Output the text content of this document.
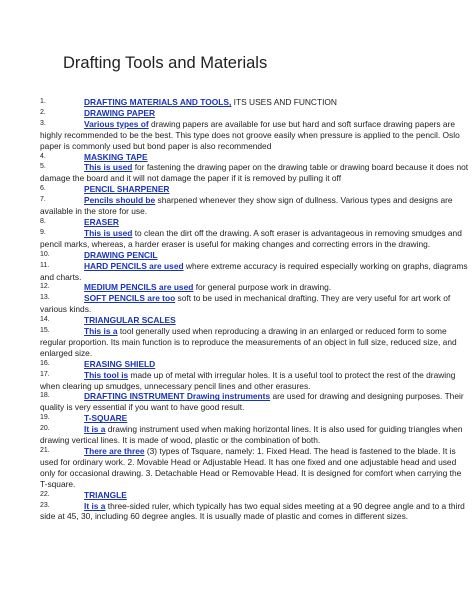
Drafting Tools and Materials
1.	DRAFTING MATERIALS AND TOOLS, ITS USES AND FUNCTION
2.	DRAWING PAPER
3.	Various types of drawing papers are available for use but hard and soft surface drawing papers are highly recommended to be the best. This type does not groove easily when pressure is applied to the pencil. Oslo paper is commonly used but bond paper is also recommended
4.	MASKING TAPE
5.	This is used for fastening the drawing paper on the drawing table or drawing board because it does not damage the board and it will not damage the paper if it is removed by pulling it off
6.	PENCIL SHARPENER
7.	Pencils should be sharpened whenever they show sign of dullness. Various types and designs are available in the store for use.
8.	ERASER
9.	This is used to clean the dirt off the drawing. A soft eraser is advantageous in removing smudges and pencil marks, whereas, a harder eraser is useful for making changes and correcting errors in the drawing.
10.	DRAWING PENCIL
11.	HARD PENCILS are used where extreme accuracy is required especially working on graphs, diagrams and charts.
12.	MEDIUM PENCILS are used for general purpose work in drawing.
13.	SOFT PENCILS are too soft to be used in mechanical drafting. They are very useful for art work of various kinds.
14.	TRIANGULAR SCALES
15.	This is a tool generally used when reproducing a drawing in an enlarged or reduced form to some regular proportion. Its main function is to reproduce the measurements of an object in full size, reduced size, and enlarged size.
16.	ERASING SHIELD
17.	This tool is made up of metal with irregular holes. It is a useful tool to protect the rest of the drawing when clearing up smudges, unnecessary pencil lines and other erasures.
18.	DRAFTING INSTRUMENT Drawing instruments are used for drawing and designing purposes. Their quality is very essential if you want to have good result.
19.	T-SQUARE
20.	It is a drawing instrument used when making horizontal lines. It is also used for guiding triangles when drawing vertical lines. It is made of wood, plastic or the combination of both.
21.	There are three (3) types of Tsquare, namely: 1. Fixed Head. The head is fastened to the blade. It is used for ordinary work. 2. Movable Head or Adjustable Head. It has one fixed and one adjustable head and used only for occasional drawing. 3. Detachable Head or Removable Head. It is designed for comfort when carrying the T-square.
22.	TRIANGLE
23.	It is a three-sided ruler, which typically has two equal sides meeting at a 90 degree angle and to a third side at 45, 30, including 60 degree angles. It is usually made of plastic and comes in different sizes.
